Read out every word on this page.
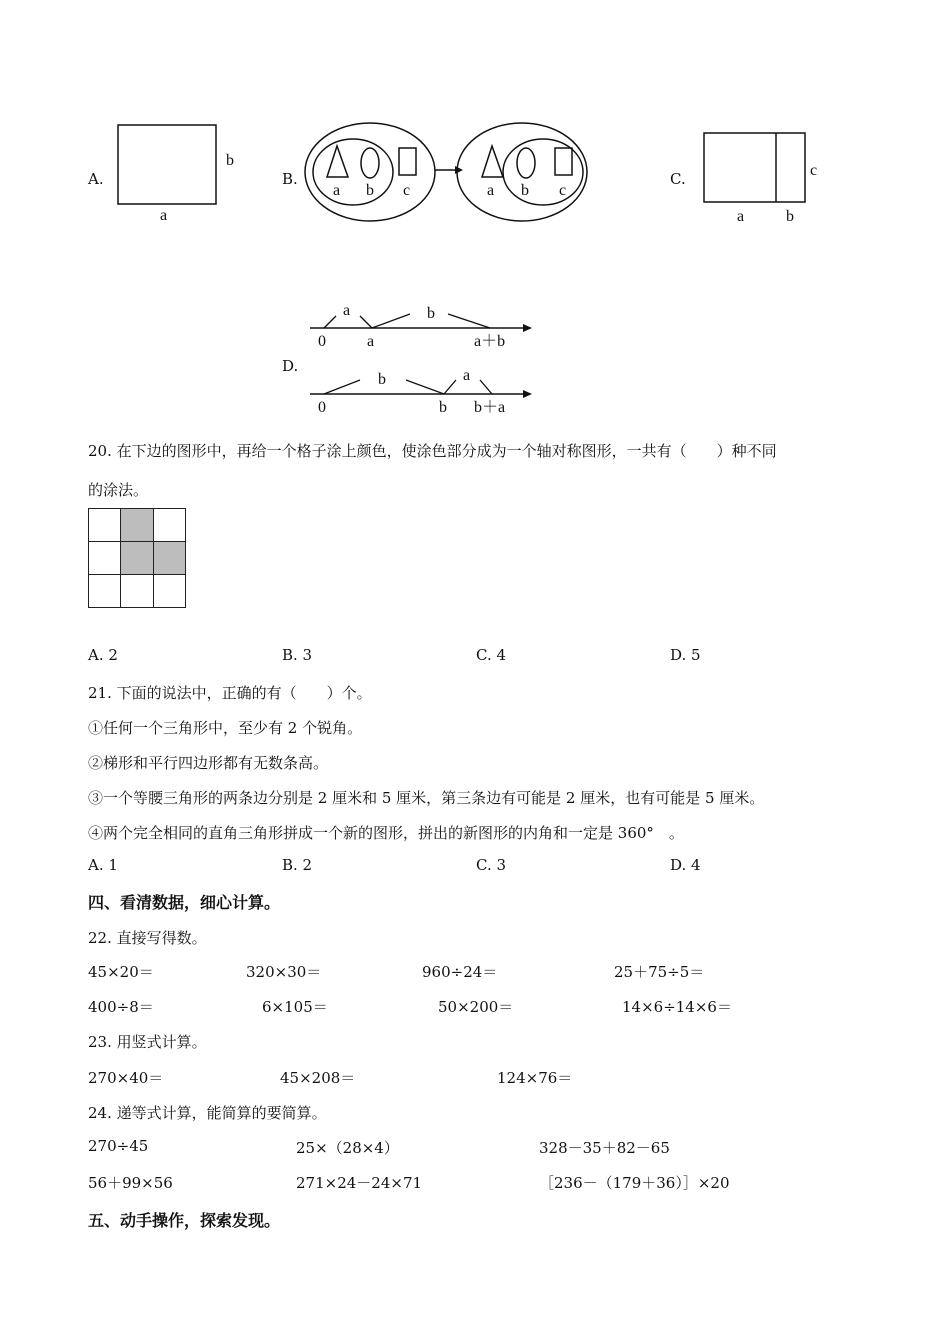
A.
b
a
B.
a b c	a b c
C.	c
a	b
D.
a	b
0	a	a＋b
b	a
0	b b＋a
20. 在下边的图形中，再给一个格子涂上颜色，使涂色部分成为一个轴对称图形，一共有（　　）种不同
的涂法。

A. 2	B. 3	C. 4	D. 5
21. 下面的说法中，正确的有（　　）个。
①任何一个三角形中，至少有 2 个锐角。
②梯形和平行四边形都有无数条高。
③一个等腰三角形的两条边分别是 2 厘米和 5 厘米，第三条边有可能是 2 厘米，也有可能是 5 厘米。
④两个完全相同的直角三角形拼成一个新的图形，拼出的新图形的内角和一定是 360°　。
A. 1	B. 2	C. 3	D. 4
四、看清数据，细心计算。
22. 直接写得数。
45×20＝	320×30＝	960÷24＝	25＋75÷5＝
400÷8＝	6×105＝	50×200＝	14×6÷14×6＝
23. 用竖式计算。
270×40＝	45×208＝	124×76＝
24. 递等式计算，能简算的要简算。
270÷45	25×（28×4）	328－35＋82－65
56＋99×56	271×24－24×71	［236－（179＋36）］×20
五、动手操作，探索发现。
